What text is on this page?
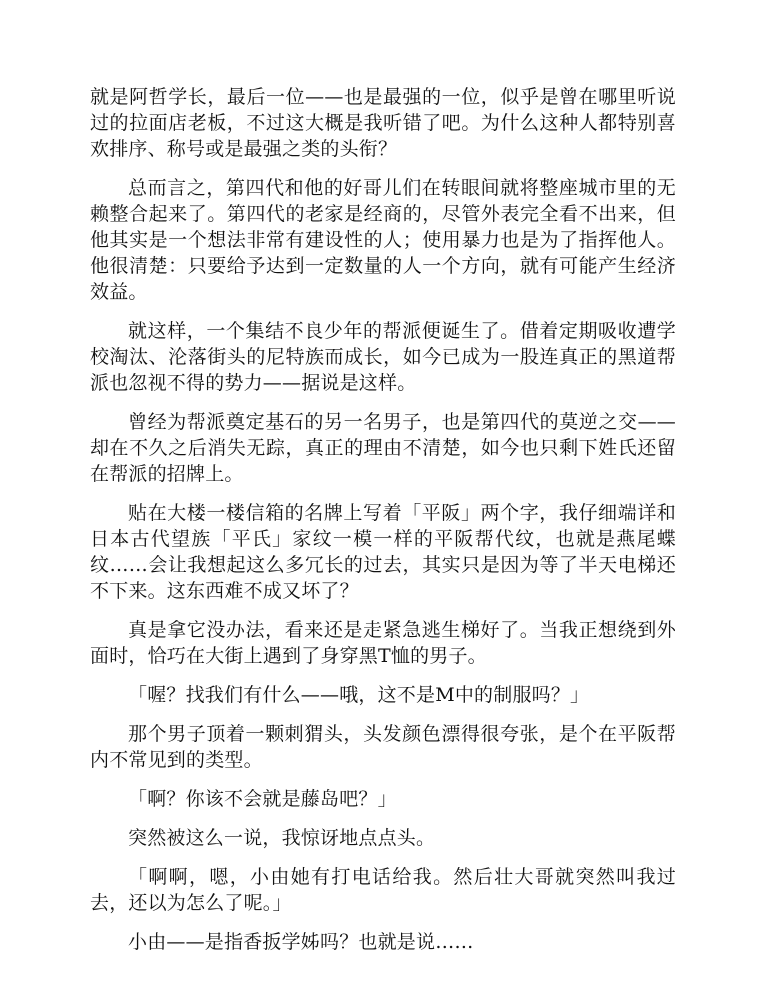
就是阿哲学长，最后一位——也是最强的一位，似乎是曾在哪里听说过的拉面店老板，不过这大概是我听错了吧。为什么这种人都特别喜欢排序、称号或是最强之类的头衔？

总而言之，第四代和他的好哥儿们在转眼间就将整座城市里的无赖整合起来了。第四代的老家是经商的，尽管外表完全看不出来，但他其实是一个想法非常有建设性的人；使用暴力也是为了指挥他人。他很清楚：只要给予达到一定数量的人一个方向，就有可能产生经济效益。

就这样，一个集结不良少年的帮派便诞生了。借着定期吸收遭学校淘汰、沦落街头的尼特族而成长，如今已成为一股连真正的黑道帮派也忽视不得的势力——据说是这样。

曾经为帮派奠定基石的另一名男子，也是第四代的莫逆之交——却在不久之后消失无踪，真正的理由不清楚，如今也只剩下姓氏还留在帮派的招牌上。

贴在大楼一楼信箱的名牌上写着「平阪」两个字，我仔细端详和日本古代望族「平氏」家纹一模一样的平阪帮代纹，也就是燕尾蝶纹……会让我想起这么多冗长的过去，其实只是因为等了半天电梯还不下来。这东西难不成又坏了？

真是拿它没办法，看来还是走紧急逃生梯好了。当我正想绕到外面时，恰巧在大街上遇到了身穿黑T恤的男子。

「喔？找我们有什么——哦，这不是M中的制服吗？」

那个男子顶着一颗刺猬头，头发颜色漂得很夸张，是个在平阪帮内不常见到的类型。

「啊？你该不会就是藤岛吧？」

突然被这么一说，我惊讶地点点头。

「啊啊，嗯，小由她有打电话给我。然后壮大哥就突然叫我过去，还以为怎么了呢。」

小由——是指香扳学姊吗？也就是说……
